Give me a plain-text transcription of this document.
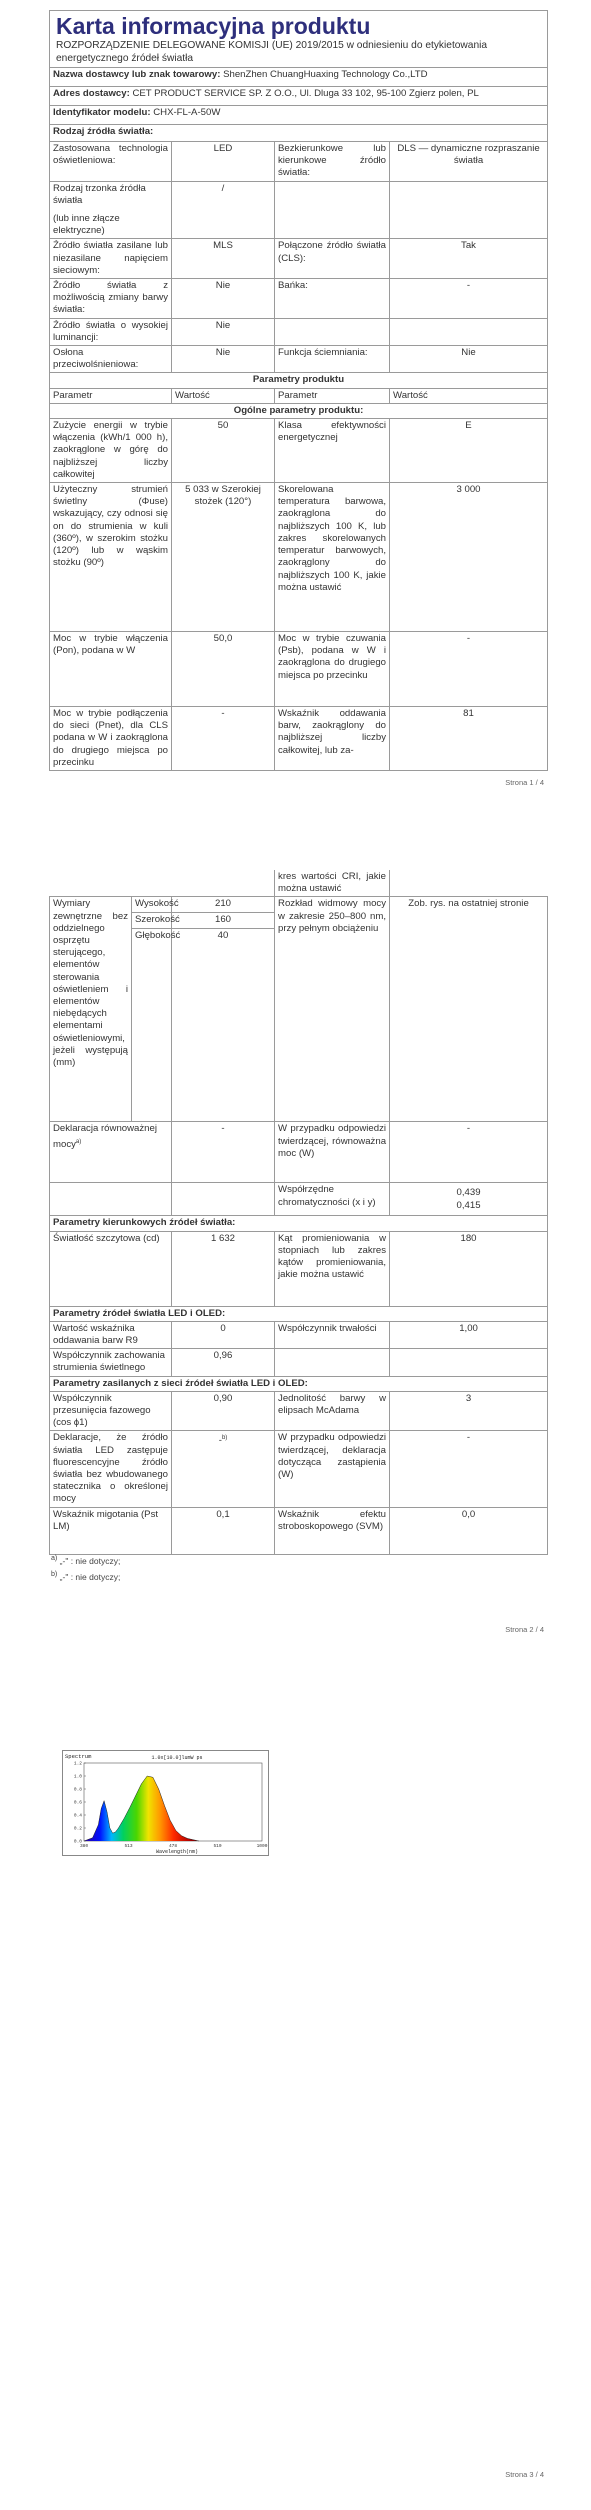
Karta informacyjna produktu
ROZPORZĄDZENIE DELEGOWANE KOMISJI (UE) 2019/2015 w odniesieniu do etykietowania energetycznego źródeł światła			

Nazwa dostawcy lub znak towarowy: ShenZhen ChuangHuaxing Technology Co.,LTD			
Adres dostawcy: CET PRODUCT SERVICE SP. Z O.O., Ul. Dluga 33 102, 95-100 Zgierz polen, PL			
Identyfikator modelu: CHX-FL-A-50W			
Rodzaj źródła światła:			
Zastosowana technologia oświetleniowa:	LED	Bezkierunkowe lub kierunkowe źródło światła:	DLS — dynamiczne rozpraszanie światła

Rodzaj trzonka źródła światła
(lub inne złącze elektryczne)	/		
Źródło światła zasilane lub niezasilane napięciem sieciowym:	MLS	Połączone źródło światła (CLS):	Tak
Źródło światła z możliwością zmiany barwy światła:	Nie	Bańka:	-
Źródło światła o wysokiej luminancji:	Nie		
Osłona przeciwolśnieniowa:	Nie	Funkcja ściemniania:	Nie
Parametry produktu			
Parametr	Wartość	Parametr	Wartość
Ogólne parametry produktu:			
Zużycie energii w trybie włączenia (kWh/1 000 h), zaokrąglone w górę do najbliższej liczby całkowitej	50	Klasa efektywności energetycznej	E
Użyteczny strumień świetlny (Φuse) wskazujący, czy odnosi się on do strumienia w kuli (360º), w szerokim stożku (120º) lub w wąskim stożku (90º)	5 033 w Szerokiej stożek (120°)	Skorelowana temperatura barwowa, zaokrąglona do najbliższych 100 K, lub zakres skorelowanych temperatur barwowych, zaokrąglony do najbliższych 100 K, jakie można ustawić	3 000
Moc w trybie włączenia (Pon), podana w W	50,0	Moc w trybie czuwania (Psb), podana w W i zaokrąglona do drugiego miejsca po przecinku	-
Moc w trybie podłączenia do sieci (Pnet), dla CLS podana w W i zaokrąglona do drugiego miejsca po przecinku	-	Wskaźnik oddawania barw, zaokrąglony do najbliższej liczby całkowitej, lub za-	81
Strona 1 / 4
			kres wartości CRI, jakie można ustawić	
Wymiary zewnętrzne bez oddzielnego osprzętu sterującego, elementów sterowania oświetleniem i elementów niebędących elementami oświetleniowymi, jeżeli występują (mm)	Wysokość	210	Rozkład widmowy mocy w zakresie 250–800 nm, przy pełnym obciążeniu	Zob. rys. na ostatniej stronie
	Szerokość	160		
	Głębokość	40		
Deklaracja równoważnej mocy$^{a)}$		-	W przypadku odpowiedzi twierdzącej, równoważna moc (W)	-
			Współrzędne chromatyczności (x i y)	0,439
0,415

Parametry kierunkowych źródeł światła:				
Światłość szczytowa (cd)		1 632	Kąt promieniowania w stopniach lub zakres kątów promieniowania, jakie można ustawić	180
Parametry źródeł światła LED i OLED:				
Wartość wskaźnika oddawania barw R9		0	Współczynnik trwałości	1,00
Współczynnik zachowania strumienia świetlnego		0,96		
Parametry zasilanych z sieci źródeł światła LED i OLED:				
Współczynnik przesunięcia fazowego (cos ϕ1)		0,90	Jednolitość barwy w elipsach McAdama	3
Deklaracje, że źródło światła LED zastępuje fluorescencyjne źródło światła bez wbudowanego statecznika o określonej mocy		-$^{b)}$	W przypadku odpowiedzi twierdzącej, deklaracja dotycząca zastąpienia (W)	-
Wskaźnik migotania (Pst LM)		0,1	Wskaźnik efektu stroboskopowego (SVM)	0,0
$^{a)}$ „-" : nie dotyczy;
$^{b)}$ „-" : nie dotyczy;
Strona 2 / 4
Spectrum	1.0x[10.0]lumW ps
0.0
0.2
0.4
0.6
0.8
1.0
1.2
380	513	478	510	1000
Wavelength(nm)
Strona 3 / 4
